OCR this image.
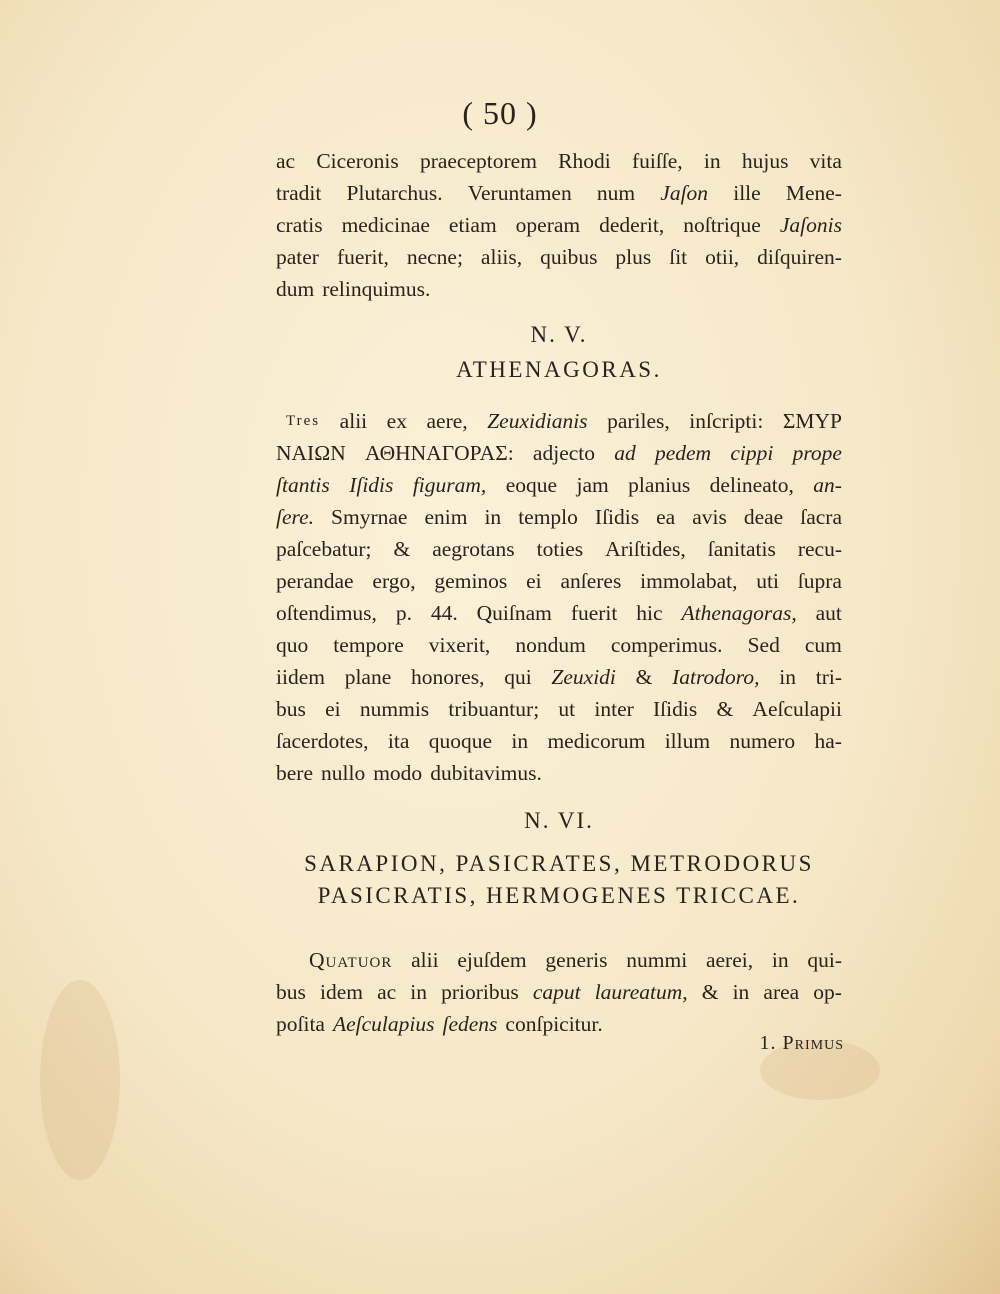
( 50 )
ac Ciceronis praeceptorem Rhodi fuiſſe, in hujus vita
tradit Plutarchus. Veruntamen num Jaſon ille Mene-
cratis medicinae etiam operam dederit, noſtrique Jaſonis
pater fuerit, necne; aliis, quibus plus ſit otii, diſquiren-
dum relinquimus.
N. V.
ATHENAGORAS.
Tres alii ex aere, Zeuxidianis pariles, inſcripti: ΣΜΥΡ
ΝΑΙΩΝ ΑΘΗΝΑΓΟΡΑΣ: adjecto ad pedem cippi prope
ſtantis Iſidis figuram, eoque jam planius delineato, an-
ſere. Smyrnae enim in templo Iſidis ea avis deae ſacra
paſcebatur; & aegrotans toties Ariſtides, ſanitatis recu-
perandae ergo, geminos ei anſeres immolabat, uti ſupra
oſtendimus, p. 44. Quiſnam fuerit hic Athenagoras, aut
quo tempore vixerit, nondum comperimus. Sed cum
iidem plane honores, qui Zeuxidi & Iatrodoro, in tri-
bus ei nummis tribuantur; ut inter Iſidis & Aeſculapii
ſacerdotes, ita quoque in medicorum illum numero ha-
bere nullo modo dubitavimus.
N. VI.
SARAPION, PASICRATES, METRODORUS
PASICRATIS, HERMOGENES TRICCAE.
Quatuor alii ejuſdem generis nummi aerei, in qui-
bus idem ac in prioribus caput laureatum, & in area op-
poſita Aeſculapius ſedens conſpicitur.
1. Primus
